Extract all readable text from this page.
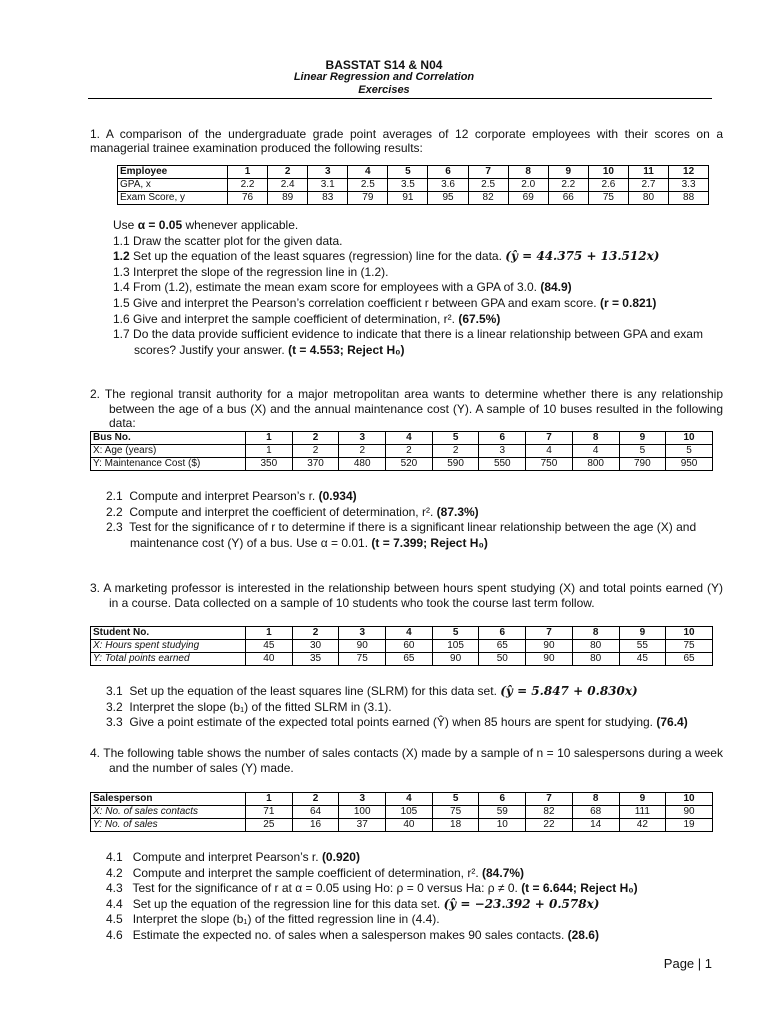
BASSTAT S14 & N04
Linear Regression and Correlation
Exercises

1. A comparison of the undergraduate grade point averages of 12 corporate employees with their scores on a managerial trainee examination produced the following results:

Employee	1	2	3	4	5	6	7	8	9	10	11	12
GPA, x	2.2	2.4	3.1	2.5	3.5	3.6	2.5	2.0	2.2	2.6	2.7	3.3
Exam Score, y	76	89	83	79	91	95	82	69	66	75	80	88

Use α = 0.05 whenever applicable.

1.1 Draw the scatter plot for the given data.

1.2 Set up the equation of the least squares (regression) line for the data. (ŷ = 44.375 + 13.512x)

1.3 Interpret the slope of the regression line in (1.2).

1.4 From (1.2), estimate the mean exam score for employees with a GPA of 3.0. (84.9)

1.5 Give and interpret the Pearson’s correlation coefficient r between GPA and exam score. (r = 0.821)

1.6 Give and interpret the sample coefficient of determination, r². (67.5%)

1.7 Do the data provide sufficient evidence to indicate that there is a linear relationship between GPA and exam

scores? Justify your answer. (t = 4.553; Reject H₀)

2. The regional transit authority for a major metropolitan area wants to determine whether there is any relationship between the age of a bus (X) and the annual maintenance cost (Y). A sample of 10 buses resulted in the following data:

Bus No.	1	2	3	4	5	6	7	8	9	10
X: Age (years)	1	2	2	2	2	3	4	4	5	5
Y: Maintenance Cost ($)	350	370	480	520	590	550	750	800	790	950

2.1 Compute and interpret Pearson’s r. (0.934)

2.2 Compute and interpret the coefficient of determination, r². (87.3%)

2.3 Test for the significance of r to determine if there is a significant linear relationship between the age (X) and

maintenance cost (Y) of a bus. Use α = 0.01. (t = 7.399; Reject H₀)

3. A marketing professor is interested in the relationship between hours spent studying (X) and total points earned (Y) in a course. Data collected on a sample of 10 students who took the course last term follow.

Student No.	1	2	3	4	5	6	7	8	9	10
X: Hours spent studying	45	30	90	60	105	65	90	80	55	75
Y: Total points earned	40	35	75	65	90	50	90	80	45	65

3.1 Set up the equation of the least squares line (SLRM) for this data set. (ŷ = 5.847 + 0.830x)

3.2 Interpret the slope (b₁) of the fitted SLRM in (3.1).

3.3 Give a point estimate of the expected total points earned (Ŷ) when 85 hours are spent for studying. (76.4)

4. The following table shows the number of sales contacts (X) made by a sample of n = 10 salespersons during a week and the number of sales (Y) made.

Salesperson	1	2	3	4	5	6	7	8	9	10
X: No. of sales contacts	71	64	100	105	75	59	82	68	111	90
Y: No. of sales	25	16	37	40	18	10	22	14	42	19

4.1 Compute and interpret Pearson’s r. (0.920)

4.2 Compute and interpret the sample coefficient of determination, r². (84.7%)

4.3 Test for the significance of r at α = 0.05 using Ho: ρ = 0 versus Ha: ρ ≠ 0. (t = 6.644; Reject H₀)

4.4 Set up the equation of the regression line for this data set. (ŷ = −23.392 + 0.578x)

4.5 Interpret the slope (b₁) of the fitted regression line in (4.4).

4.6 Estimate the expected no. of sales when a salesperson makes 90 sales contacts. (28.6)

Page | 1
